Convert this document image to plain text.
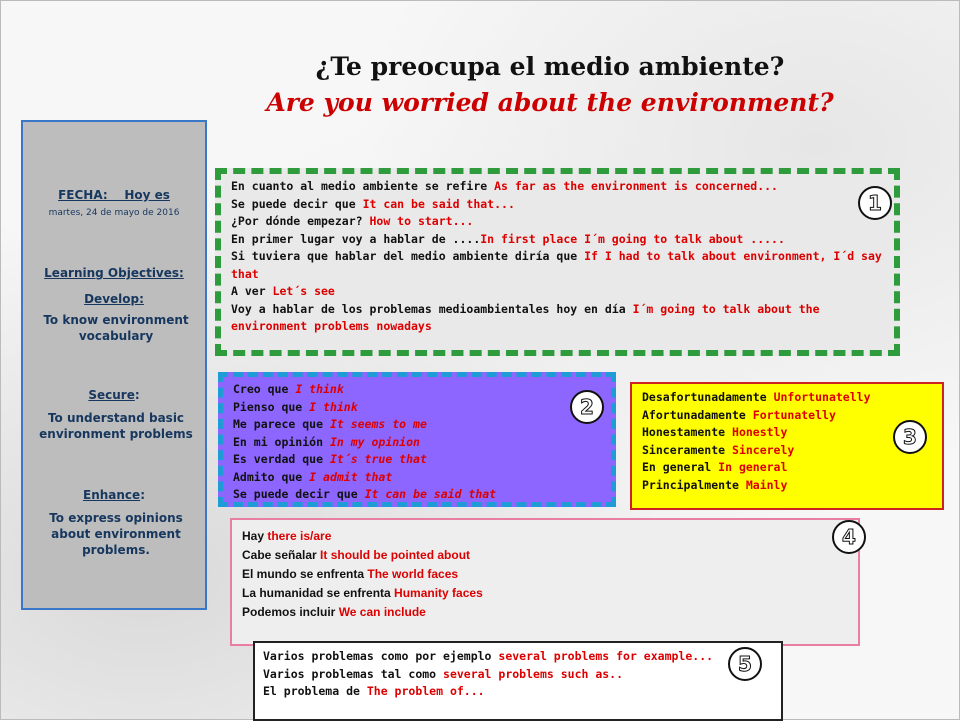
¿Te preocupa el medio ambiente?
Are you worried about the environment?
FECHA:    Hoy es
martes, 24 de mayo de 2016
Learning Objectives:
Develop:
To know environment vocabulary
Secure:
To understand basic environment problems
Enhance:
To express opinions about environment problems.
En cuanto al medio ambiente se refire As far as the environment is concerned...
Se puede decir que It can be said that...
¿Por dónde empezar? How to start...
En primer lugar voy a hablar de ....In first place I´m going to talk about .....
Si tuviera que hablar del medio ambiente diría que If I had to talk about environment, I´d say that
A ver Let´s see
Voy a hablar de los problemas medioambientales hoy en día I´m going to talk about the environment problems nowadays
Creo que I think
Pienso que I think
Me parece que It seems to me
En mi opinión In my opinion
Es verdad que It´s true that
Admito que I admit that
Se puede decir que It can be said that
Desafortunadamente Unfortunatelly
Afortunadamente Fortunatelly
Honestamente Honestly
Sinceramente Sincerely
En general In general
Principalmente Mainly
Hay there is/are
Cabe señalar It should be pointed about
El mundo se enfrenta The world faces
La humanidad se enfrenta Humanity faces
Podemos incluir We can include
Varios problemas como por ejemplo several problems for example...
Varios problemas tal como several problems such as..
El problema de The problem of...
1
2
3
4
5
